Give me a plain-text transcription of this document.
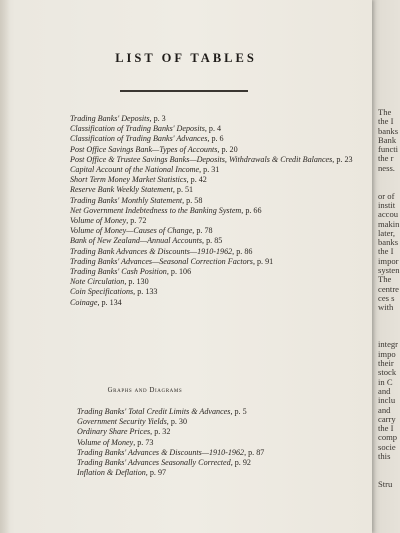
The
the I
banks
Bank
functi
the r
ness.
or of
instit
accou
makin
later,
banks
the I
impor
systen
The
centre
ces s
with
integr
impo
their
stock
in C
and
inclu
and
carry
the I
comp
socie
this
Stru
LIST OF TABLES

Trading Banks' Deposits, p. 3

Classification of Trading Banks' Deposits, p. 4

Classification of Trading Banks' Advances, p. 6

Post Office Savings Bank—Types of Accounts, p. 20

Post Office & Trustee Savings Banks—Deposits, Withdrawals & Credit Balances, p. 23

Capital Account of the National Income, p. 31

Short Term Money Market Statistics, p. 42

Reserve Bank Weekly Statement, p. 51

Trading Banks' Monthly Statement, p. 58

Net Government Indebtedness to the Banking System, p. 66

Volume of Money, p. 72

Volume of Money—Causes of Change, p. 78

Bank of New Zealand—Annual Accounts, p. 85

Trading Bank Advances & Discounts—1910-1962, p. 86

Trading Banks' Advances—Seasonal Correction Factors, p. 91

Trading Banks' Cash Position, p. 106

Note Circulation, p. 130

Coin Specifications, p. 133

Coinage, p. 134

Graphs and Diagrams

Trading Banks' Total Credit Limits & Advances, p. 5

Government Security Yields, p. 30

Ordinary Share Prices, p. 32

Volume of Money, p. 73

Trading Banks' Advances & Discounts—1910-1962, p. 87

Trading Banks' Advances Seasonally Corrected, p. 92

Inflation & Deflation, p. 97
